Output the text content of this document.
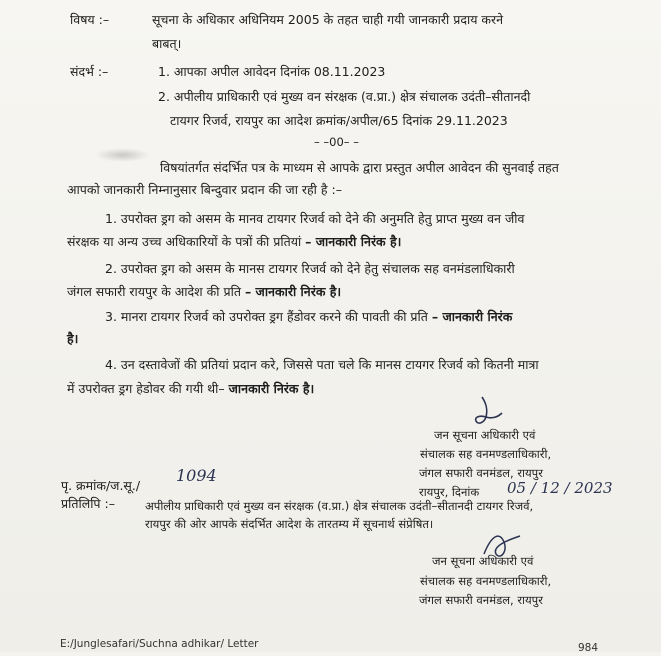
विषय :–	सूचना के अधिकार अधिनियम 2005 के तहत चाही गयी जानकारी प्रदाय करने
बाबत्।
संदर्भ :–	1. आपका अपील आवेदन दिनांक 08.11.2023
2. अपीलीय प्राधिकारी एवं मुख्य वन संरक्षक (व.प्रा.) क्षेत्र संचालक उदंती–सीतानदी
टायगर रिजर्व, रायपुर का आदेश क्रमांक/अपील/65 दिनांक 29.11.2023
– –00– –
विषयांतर्गत संदर्भित पत्र के माध्यम से आपके द्वारा प्रस्तुत अपील आवेदन की सुनवाई तहत
आपको जानकारी निम्नानुसार बिन्दुवार प्रदान की जा रही है :–
1. उपरोक्त ड्रग को असम के मानव टायगर रिजर्व को देने की अनुमति हेतु प्राप्त मुख्य वन जीव
संरक्षक या अन्य उच्च अधिकारियों के पत्रों की प्रतियां – जानकारी निरंक है।
2. उपरोक्त ड्रग को असम के मानस टायगर रिजर्व को देने हेतु संचालक सह वनमंडलाधिकारी
जंगल सफारी रायपुर के आदेश की प्रति – जानकारी निरंक है।
3. मानरा टायगर रिजर्व को उपरोक्त ड्रग हैंडोवर करने की पावती की प्रति – जानकारी निरंक
है।
4. उन दस्तावेजों की प्रतियां प्रदान करे, जिससे पता चले कि मानस टायगर रिजर्व को कितनी मात्रा
में उपरोक्त ड्रग हेडोवर की गयी थी– जानकारी निरंक है।
जन सूचना अधिकारी एवं
संचालक सह वनमण्डलाधिकारी,
जंगल सफारी वनमंडल, रायपुर
रायपुर, दिनांक 05 / 12 / 2023
पृ. क्रमांक/ज.सू./
1094
प्रतिलिपि :–	अपीलीय प्राधिकारी एवं मुख्य वन संरक्षक (व.प्रा.) क्षेत्र संचालक उदंती–सीतानदी टायगर रिजर्व,
रायपुर की ओर आपके संदर्भित आदेश के तारतम्य में सूचनार्थ संप्रेषित।
जन सूचना अधिकारी एवं
संचालक सह वनमण्डलाधिकारी,
जंगल सफारी वनमंडल, रायपुर
E:/Junglesafari/Suchna adhikar/ Letter	984
